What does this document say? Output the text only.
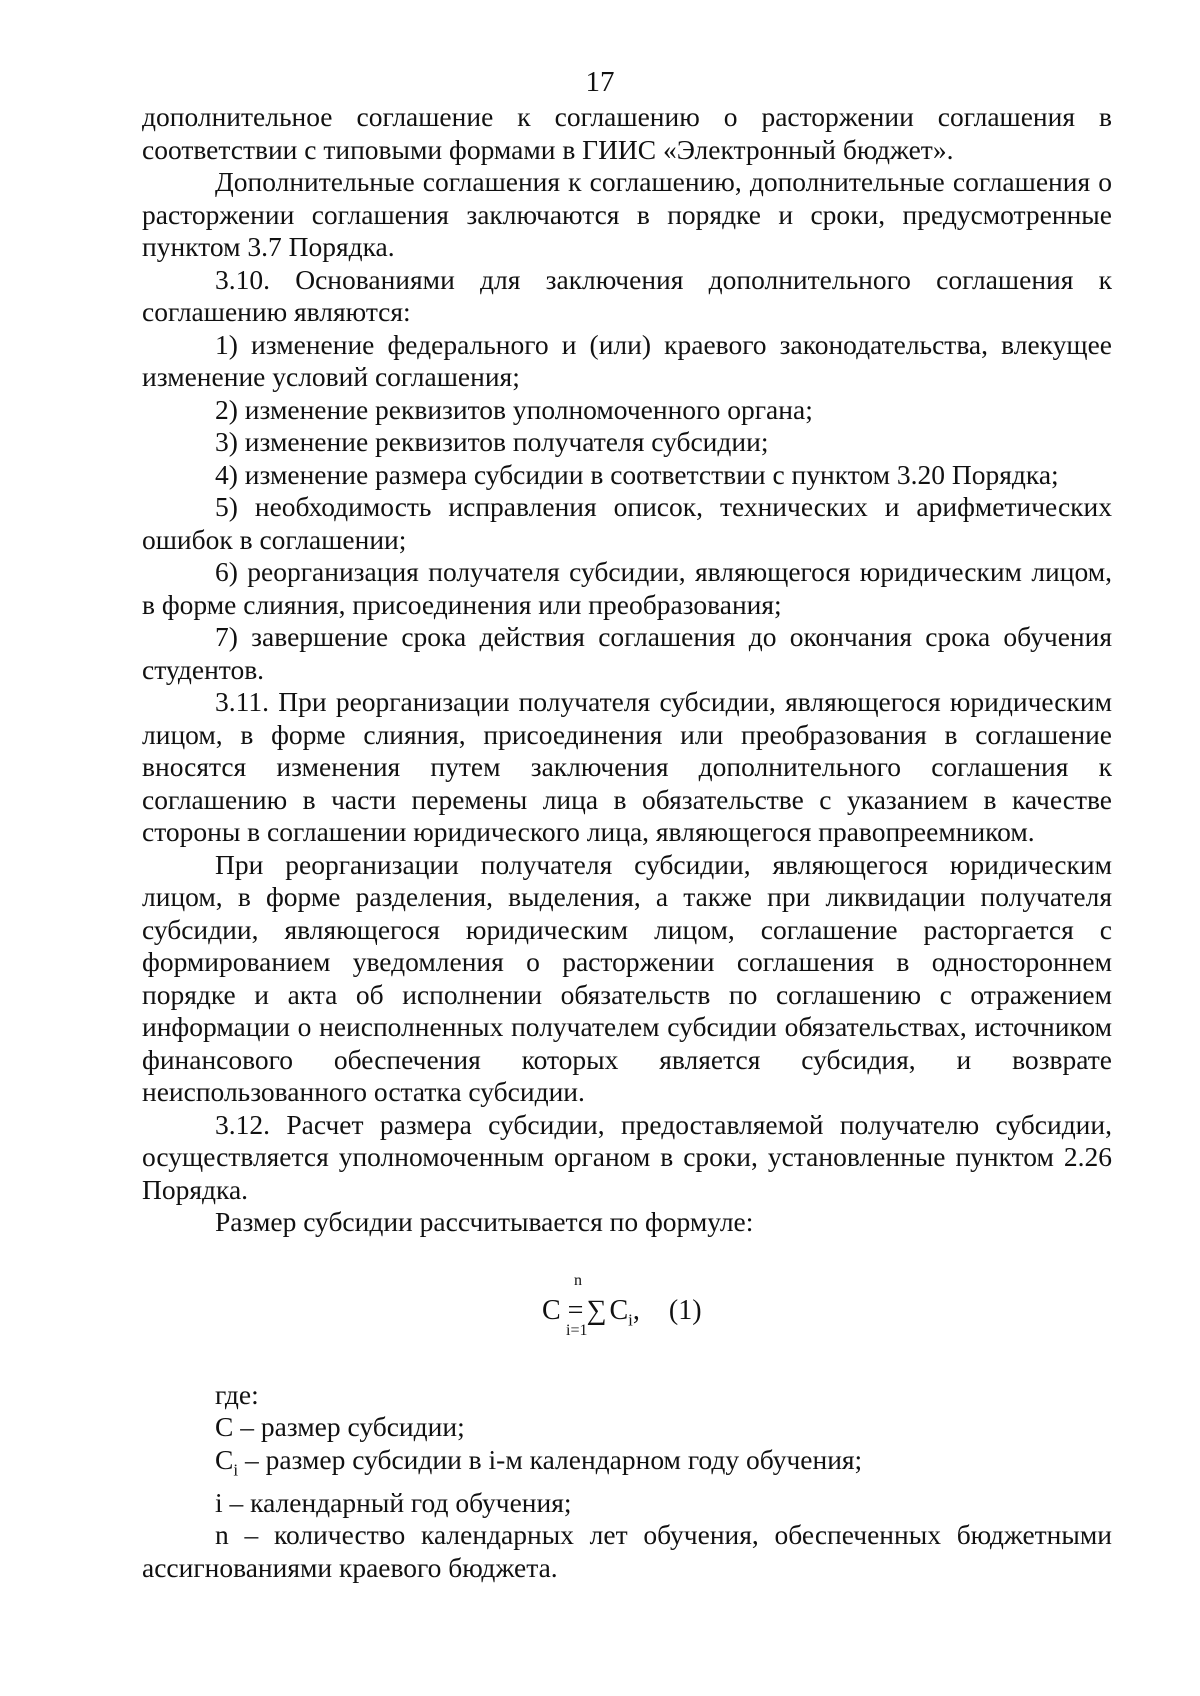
17

дополнительное соглашение к соглашению о расторжении соглашения в соответствии с типовыми формами в ГИИС «Электронный бюджет».

Дополнительные соглашения к соглашению, дополнительные соглашения о расторжении соглашения заключаются в порядке и сроки, предусмотренные пунктом 3.7 Порядка.

3.10. Основаниями для заключения дополнительного соглашения к соглашению являются:

1) изменение федерального и (или) краевого законодательства, влекущее изменение условий соглашения;

2) изменение реквизитов уполномоченного органа;

3) изменение реквизитов получателя субсидии;

4) изменение размера субсидии в соответствии с пунктом 3.20 Порядка;

5) необходимость исправления описок, технических и арифметических ошибок в соглашении;

6) реорганизация получателя субсидии, являющегося юридическим лицом, в форме слияния, присоединения или преобразования;

7) завершение срока действия соглашения до окончания срока обучения студентов.

3.11. При реорганизации получателя субсидии, являющегося юридическим лицом, в форме слияния, присоединения или преобразования в соглашение вносятся изменения путем заключения дополнительного соглашения к соглашению в части перемены лица в обязательстве с указанием в качестве стороны в соглашении юридического лица, являющегося правопреемником.

При реорганизации получателя субсидии, являющегося юридическим лицом, в форме разделения, выделения, а также при ликвидации получателя субсидии, являющегося юридическим лицом, соглашение расторгается с формированием уведомления о расторжении соглашения в одностороннем порядке и акта об исполнении обязательств по соглашению с отражением информации о неисполненных получателем субсидии обязательствах, источником финансового обеспечения которых является субсидия, и возврате неиспользованного остатка субсидии.

3.12. Расчет размера субсидии, предоставляемой получателю субсидии, осуществляется уполномоченным органом в сроки, установленные пунктом 2.26 Порядка.

Размер субсидии рассчитывается по формуле:

С = ∑ $С_i$,
n
i=1
(1)

где:

С – размер субсидии;

$С_i$ – размер субсидии в i-м календарном году обучения;

i – календарный год обучения;

n – количество календарных лет обучения, обеспеченных бюджетными ассигнованиями краевого бюджета.
